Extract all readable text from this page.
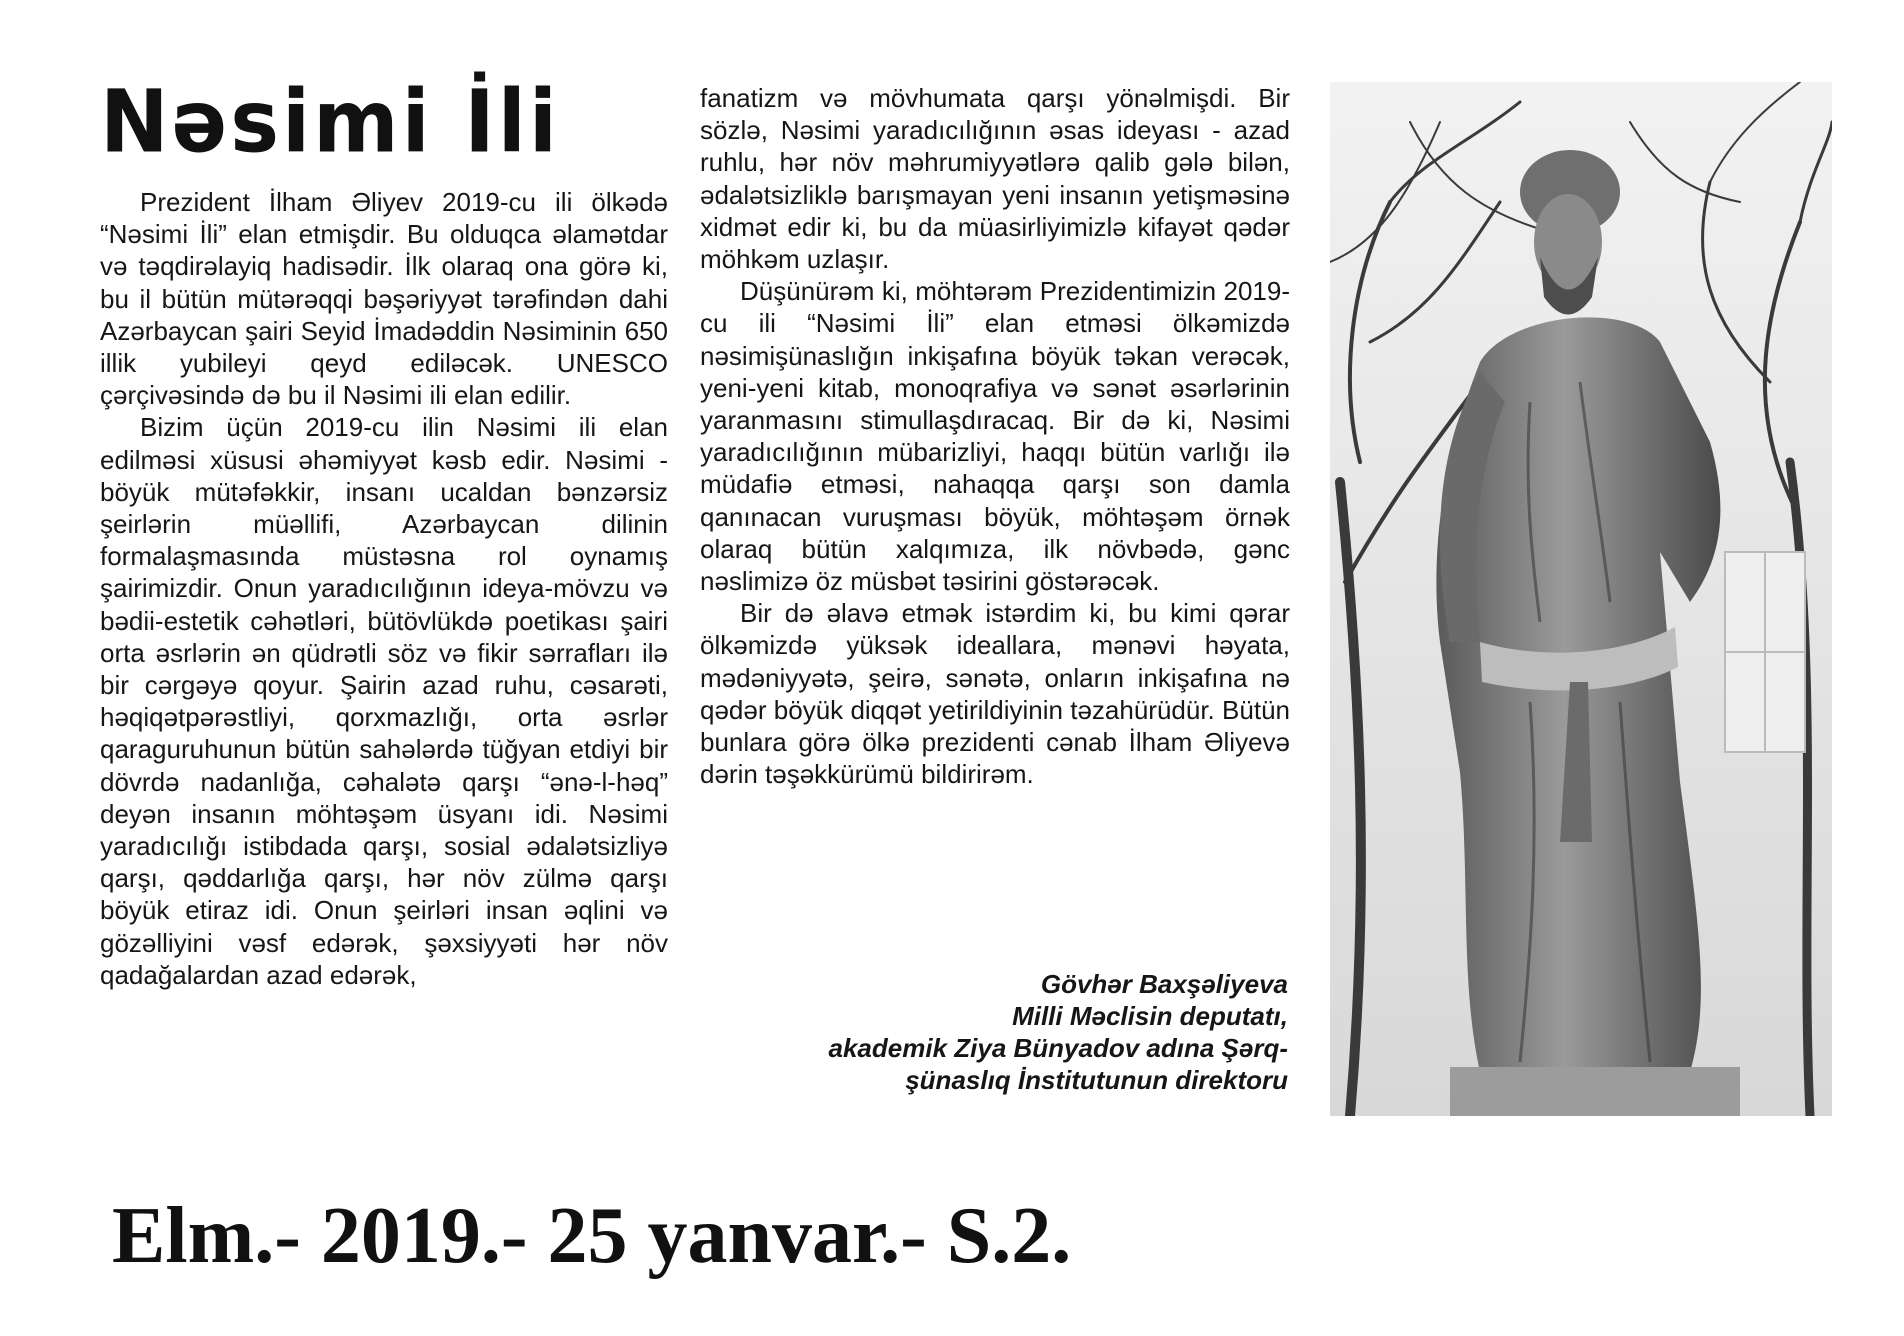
Nəsimi İli

Prezident İlham Əliyev 2019-cu ili ölkədə “Nəsimi İli” elan etmişdir. Bu olduqca əlamətdar və təqdirəlayiq hadisədir. İlk olaraq ona görə ki, bu il bütün mütərəqqi bəşəriyyət tərəfindən dahi Azərbaycan şairi Seyid İmadəddin Nəsiminin 650 illik yubileyi qeyd ediləcək. UNESCO çərçivəsində də bu il Nəsimi ili elan edilir.

Bizim üçün 2019-cu ilin Nəsimi ili elan edilməsi xüsusi əhəmiyyət kəsb edir. Nəsimi - böyük mütəfəkkir, insanı ucaldan bənzərsiz şeirlərin müəllifi, Azərbaycan dilinin formalaşmasında müstəsna rol oynamış şairimizdir. Onun yaradıcılığının ideya-mövzu və bədii-estetik cəhətləri, bütövlükdə poetikası şairi orta əsrlərin ən qüdrətli söz və fikir sərrafları ilə bir cərgəyə qoyur. Şairin azad ruhu, cəsarəti, həqiqətpərəstliyi, qorxmazlığı, orta əsrlər qaraguruhunun bütün sahələrdə tüğyan etdiyi bir dövrdə nadanlığa, cəhalətə qarşı “ənə-l-həq” deyən insanın möhtəşəm üsyanı idi. Nəsimi yaradıcılığı istibdada qarşı, sosial ədalətsizliyə qarşı, qəddarlığa qarşı, hər növ zülmə qarşı böyük etiraz idi. Onun şeirləri insan əqlini və gözəlliyini vəsf edərək, şəxsiyyəti hər növ qadağalardan azad edərək,

fanatizm və mövhumata qarşı yönəlmişdi. Bir sözlə, Nəsimi yaradıcılığının əsas ideyası - azad ruhlu, hər növ məhrumiyyətlərə qalib gələ bilən, ədalətsizliklə barışmayan yeni insanın yetişməsinə xidmət edir ki, bu da müasirliyimizlə kifayət qədər möhkəm uzlaşır.

Düşünürəm ki, möhtərəm Prezidentimizin 2019-cu ili “Nəsimi İli” elan etməsi ölkəmizdə nəsimişünaslığın inkişafına böyük təkan verəcək, yeni-yeni kitab, monoqrafiya və sənət əsərlərinin yaranmasını stimullaşdıracaq. Bir də ki, Nəsimi yaradıcılığının mübarizliyi, haqqı bütün varlığı ilə müdafiə etməsi, nahaqqa qarşı son damla qanınacan vuruşması böyük, möhtəşəm örnək olaraq bütün xalqımıza, ilk növbədə, gənc nəslimizə öz müsbət təsirini göstərəcək.

Bir də əlavə etmək istərdim ki, bu kimi qərar ölkəmizdə yüksək ideallara, mənəvi həyata, mədəniyyətə, şeirə, sənətə, onların inkişafına nə qədər böyük diqqət yetirildiyinin təzahürüdür. Bütün bunlara görə ölkə prezidenti cənab İlham Əliyevə dərin təşəkkürümü bildirirəm.

Gövhər Baxşəliyeva
Milli Məclisin deputatı,
akademik Ziya Bünyadov adına Şərq-
şünaslıq İnstitutunun direktoru
Elm.- 2019.- 25 yanvar.- S.2.
